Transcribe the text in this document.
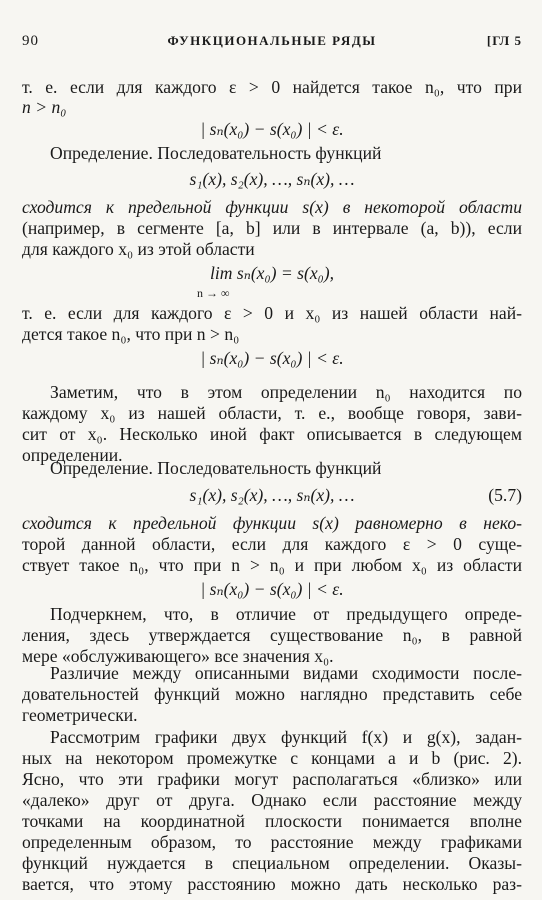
90	ФУНКЦИОНАЛЬНЫЕ РЯДЫ	[ГЛ 5
т. е. если для каждого ε > 0 найдется такое n₀, что при
n > n₀
| sₙ(x₀) − s(x₀) | < ε.
Определение. Последовательность функций
s₁(x), s₂(x), …, sₙ(x), …
сходится к предельной функции s(x) в некоторой области
(например, в сегменте [a, b] или в интервале (a, b)), если
для каждого x₀ из этой области
lim sₙ(x₀) = s(x₀),
n → ∞
т. е. если для каждого ε > 0 и x₀ из нашей области най-
дется такое n₀, что при n > n₀
| sₙ(x₀) − s(x₀) | < ε.
Заметим, что в этом определении n₀ находится по
каждому x₀ из нашей области, т. е., вообще говоря, зави-
сит от x₀. Несколько иной факт описывается в следующем
определении.
Определение. Последовательность функций
s₁(x), s₂(x), …, sₙ(x), …	(5.7)
сходится к предельной функции s(x) равномерно в неко-
торой данной области, если для каждого ε > 0 суще-
ствует такое n₀, что при n > n₀ и при любом x₀ из области
| sₙ(x₀) − s(x₀) | < ε.
Подчеркнем, что, в отличие от предыдущего опреде-
ления, здесь утверждается существование n₀, в равной
мере «обслуживающего» все значения x₀.
Различие между описанными видами сходимости после-
довательностей функций можно наглядно представить себе
геометрически.
Рассмотрим графики двух функций f(x) и g(x), задан-
ных на некотором промежутке с концами a и b (рис. 2).
Ясно, что эти графики могут располагаться «близко» или
«далеко» друг от друга. Однако если расстояние между
точками на координатной плоскости понимается вполне
определенным образом, то расстояние между графиками
функций нуждается в специальном определении. Оказы-
вается, что этому расстоянию можно дать несколько раз-
